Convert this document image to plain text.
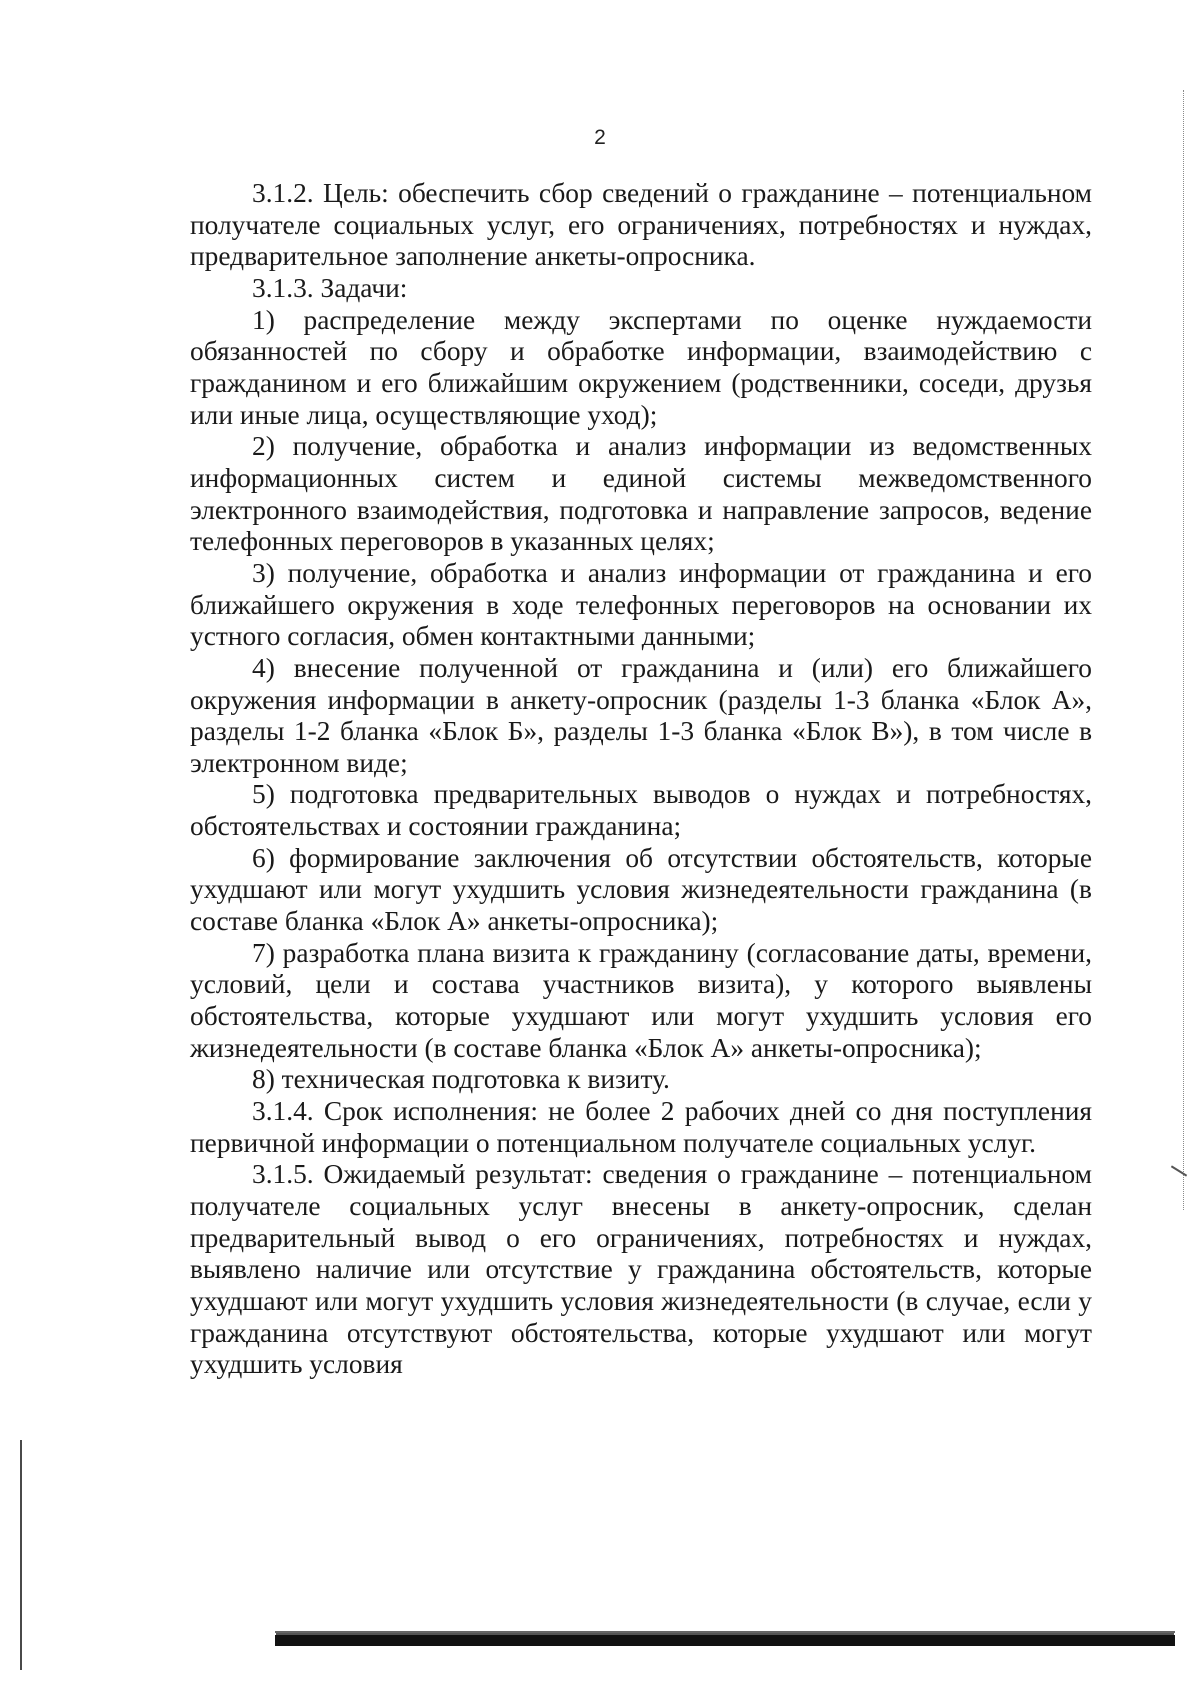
2

3.1.2. Цель: обеспечить сбор сведений о гражданине – потенциальном получателе социальных услуг, его ограничениях, потребностях и нуждах, предварительное заполнение анкеты-опросника.

3.1.3. Задачи:

1) распределение между экспертами по оценке нуждаемости обязанностей по сбору и обработке информации, взаимодействию с гражданином и его ближайшим окружением (родственники, соседи, друзья или иные лица, осуществляющие уход);

2) получение, обработка и анализ информации из ведомственных информационных систем и единой системы межведомственного электронного взаимодействия, подготовка и направление запросов, ведение телефонных переговоров в указанных целях;

3) получение, обработка и анализ информации от гражданина и его ближайшего окружения в ходе телефонных переговоров на основании их устного согласия, обмен контактными данными;

4) внесение полученной от гражданина и (или) его ближайшего окружения информации в анкету-опросник (разделы 1-3 бланка «Блок А», разделы 1-2 бланка «Блок Б», разделы 1-3 бланка «Блок В»), в том числе в электронном виде;

5) подготовка предварительных выводов о нуждах и потребностях, обстоятельствах и состоянии гражданина;

6) формирование заключения об отсутствии обстоятельств, которые ухудшают или могут ухудшить условия жизнедеятельности гражданина (в составе бланка «Блок А» анкеты-опросника);

7) разработка плана визита к гражданину (согласование даты, времени, условий, цели и состава участников визита), у которого выявлены обстоятельства, которые ухудшают или могут ухудшить условия его жизнедеятельности (в составе бланка «Блок А» анкеты-опросника);

8) техническая подготовка к визиту.

3.1.4. Срок исполнения: не более 2 рабочих дней со дня поступления первичной информации о потенциальном получателе социальных услуг.

3.1.5. Ожидаемый результат: сведения о гражданине – потенциальном получателе социальных услуг внесены в анкету-опросник, сделан предварительный вывод о его ограничениях, потребностях и нуждах, выявлено наличие или отсутствие у гражданина обстоятельств, которые ухудшают или могут ухудшить условия жизнедеятельности (в случае, если у гражданина отсутствуют обстоятельства, которые ухудшают или могут ухудшить условия
